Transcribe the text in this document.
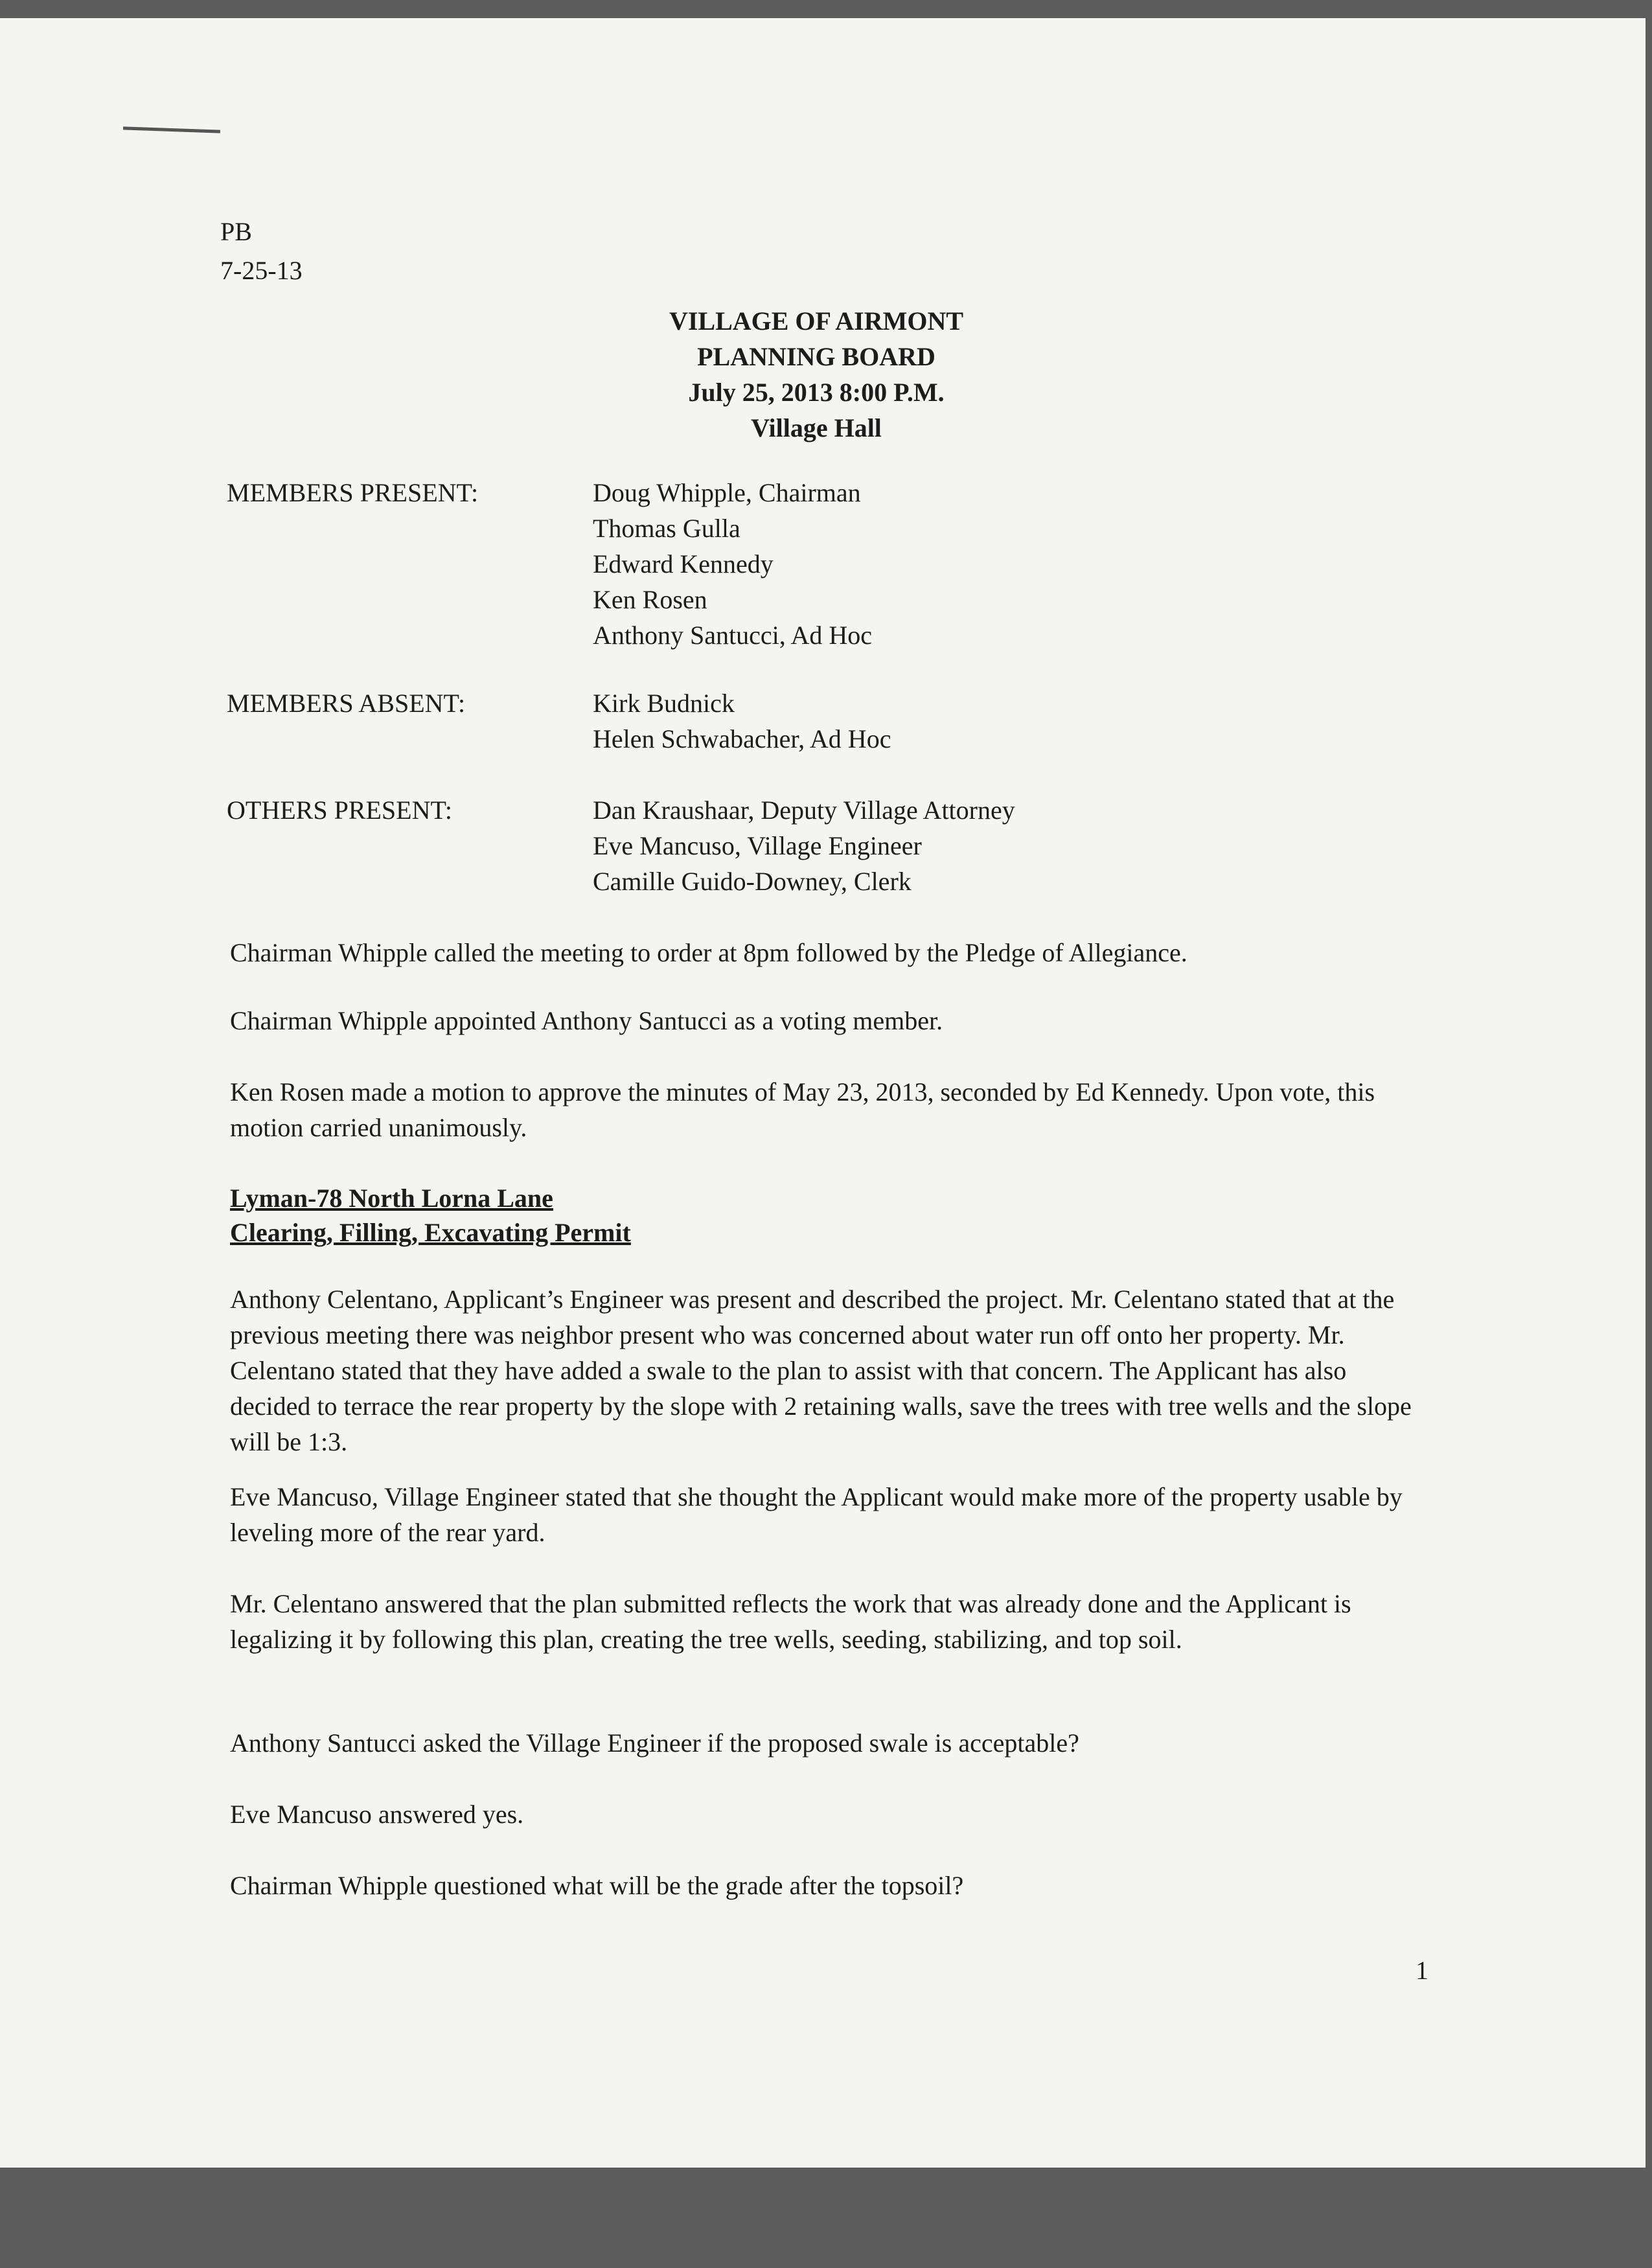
PB
7-25-13
VILLAGE OF AIRMONT
PLANNING BOARD
July 25, 2013 8:00 P.M.
Village Hall
MEMBERS PRESENT:	Doug Whipple, Chairman
Thomas Gulla
Edward Kennedy
Ken Rosen
Anthony Santucci, Ad Hoc
MEMBERS ABSENT:	Kirk Budnick
Helen Schwabacher, Ad Hoc
OTHERS PRESENT:	Dan Kraushaar, Deputy Village Attorney
Eve Mancuso, Village Engineer
Camille Guido-Downey, Clerk
Chairman Whipple called the meeting to order at 8pm followed by the Pledge of Allegiance.
Chairman Whipple appointed Anthony Santucci as a voting member.
Ken Rosen made a motion to approve the minutes of May 23, 2013, seconded by Ed Kennedy. Upon vote, this motion carried unanimously.
Lyman-78 North Lorna Lane
Clearing, Filling, Excavating Permit
Anthony Celentano, Applicant’s Engineer was present and described the project. Mr. Celentano stated that at the previous meeting there was neighbor present who was concerned about water run off onto her property. Mr. Celentano stated that they have added a swale to the plan to assist with that concern. The Applicant has also decided to terrace the rear property by the slope with 2 retaining walls, save the trees with tree wells and the slope will be 1:3.
Eve Mancuso, Village Engineer stated that she thought the Applicant would make more of the property usable by leveling more of the rear yard.
Mr. Celentano answered that the plan submitted reflects the work that was already done and the Applicant is legalizing it by following this plan, creating the tree wells, seeding, stabilizing, and top soil.
Anthony Santucci asked the Village Engineer if the proposed swale is acceptable?
Eve Mancuso answered yes.
Chairman Whipple questioned what will be the grade after the topsoil?
1
